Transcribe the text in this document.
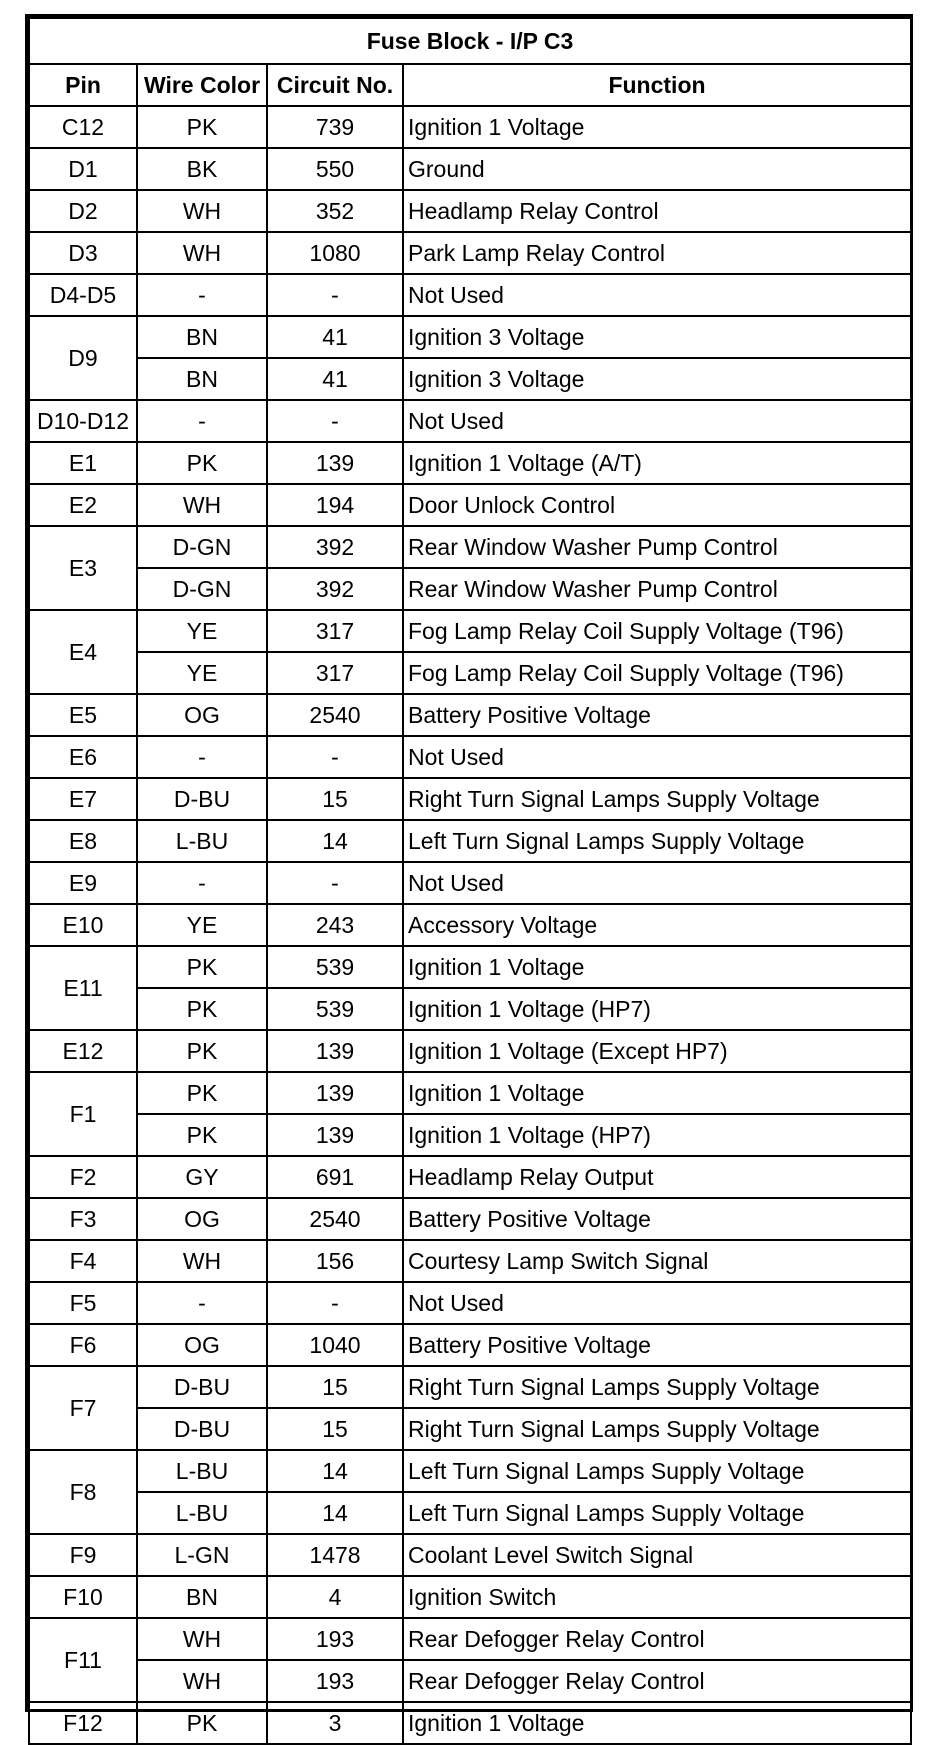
Fuse Block - I/P C3			
Pin	Wire Color	Circuit No.	Function
C12	PK	739	Ignition 1 Voltage
D1	BK	550	Ground
D2	WH	352	Headlamp Relay Control
D3	WH	1080	Park Lamp Relay Control
D4-D5	-	-	Not Used
D9	BN	41	Ignition 3 Voltage
	BN	41	Ignition 3 Voltage
D10-D12	-	-	Not Used
E1	PK	139	Ignition 1 Voltage (A/T)
E2	WH	194	Door Unlock Control
E3	D-GN	392	Rear Window Washer Pump Control
	D-GN	392	Rear Window Washer Pump Control
E4	YE	317	Fog Lamp Relay Coil Supply Voltage (T96)
	YE	317	Fog Lamp Relay Coil Supply Voltage (T96)
E5	OG	2540	Battery Positive Voltage
E6	-	-	Not Used
E7	D-BU	15	Right Turn Signal Lamps Supply Voltage
E8	L-BU	14	Left Turn Signal Lamps Supply Voltage
E9	-	-	Not Used
E10	YE	243	Accessory Voltage
E11	PK	539	Ignition 1 Voltage
	PK	539	Ignition 1 Voltage (HP7)
E12	PK	139	Ignition 1 Voltage (Except HP7)
F1	PK	139	Ignition 1 Voltage
	PK	139	Ignition 1 Voltage (HP7)
F2	GY	691	Headlamp Relay Output
F3	OG	2540	Battery Positive Voltage
F4	WH	156	Courtesy Lamp Switch Signal
F5	-	-	Not Used
F6	OG	1040	Battery Positive Voltage
F7	D-BU	15	Right Turn Signal Lamps Supply Voltage
	D-BU	15	Right Turn Signal Lamps Supply Voltage
F8	L-BU	14	Left Turn Signal Lamps Supply Voltage
	L-BU	14	Left Turn Signal Lamps Supply Voltage
F9	L-GN	1478	Coolant Level Switch Signal
F10	BN	4	Ignition Switch
F11	WH	193	Rear Defogger Relay Control
	WH	193	Rear Defogger Relay Control
F12	PK	3	Ignition 1 Voltage
